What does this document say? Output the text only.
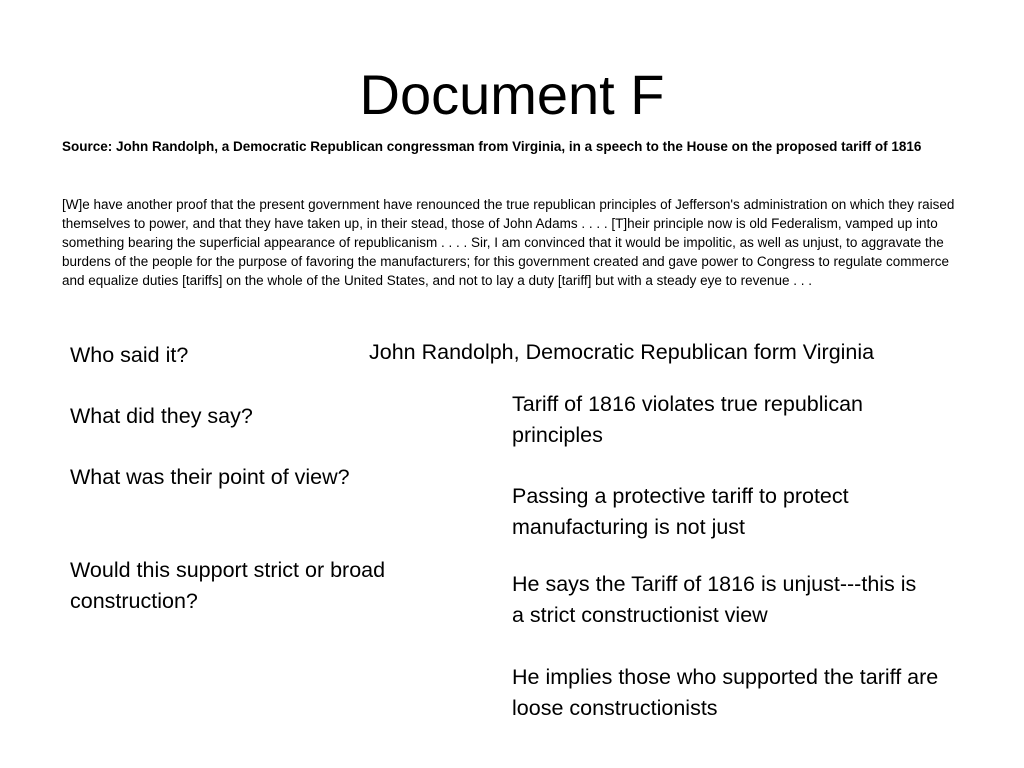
Document F

Source: John Randolph, a Democratic Republican congressman from Virginia, in a speech to the House on the proposed tariff of 1816

[W]e have another proof that the present government have renounced the true republican principles of Jefferson's administration on which they raised themselves to power, and that they have taken up, in their stead, those of John Adams . . . . [T]heir principle now is old Federalism, vamped up into something bearing the superficial appearance of republicanism . . . . Sir, I am convinced that it would be impolitic, as well as unjust, to aggravate the burdens of the people for the purpose of favoring the manufacturers; for this government created and gave power to Congress to regulate commerce and equalize duties [tariffs] on the whole of the United States, and not to lay a duty [tariff] but with a steady eye to revenue . . .

Who said it?

What did they say?

What was their point of view?

Would this support strict or broad construction?

John Randolph, Democratic Republican form Virginia

Tariff of 1816 violates true republican principles

Passing a protective tariff to protect manufacturing is not just

He says the Tariff of 1816 is unjust---this is a strict constructionist view

He implies those who supported the tariff are loose constructionists
